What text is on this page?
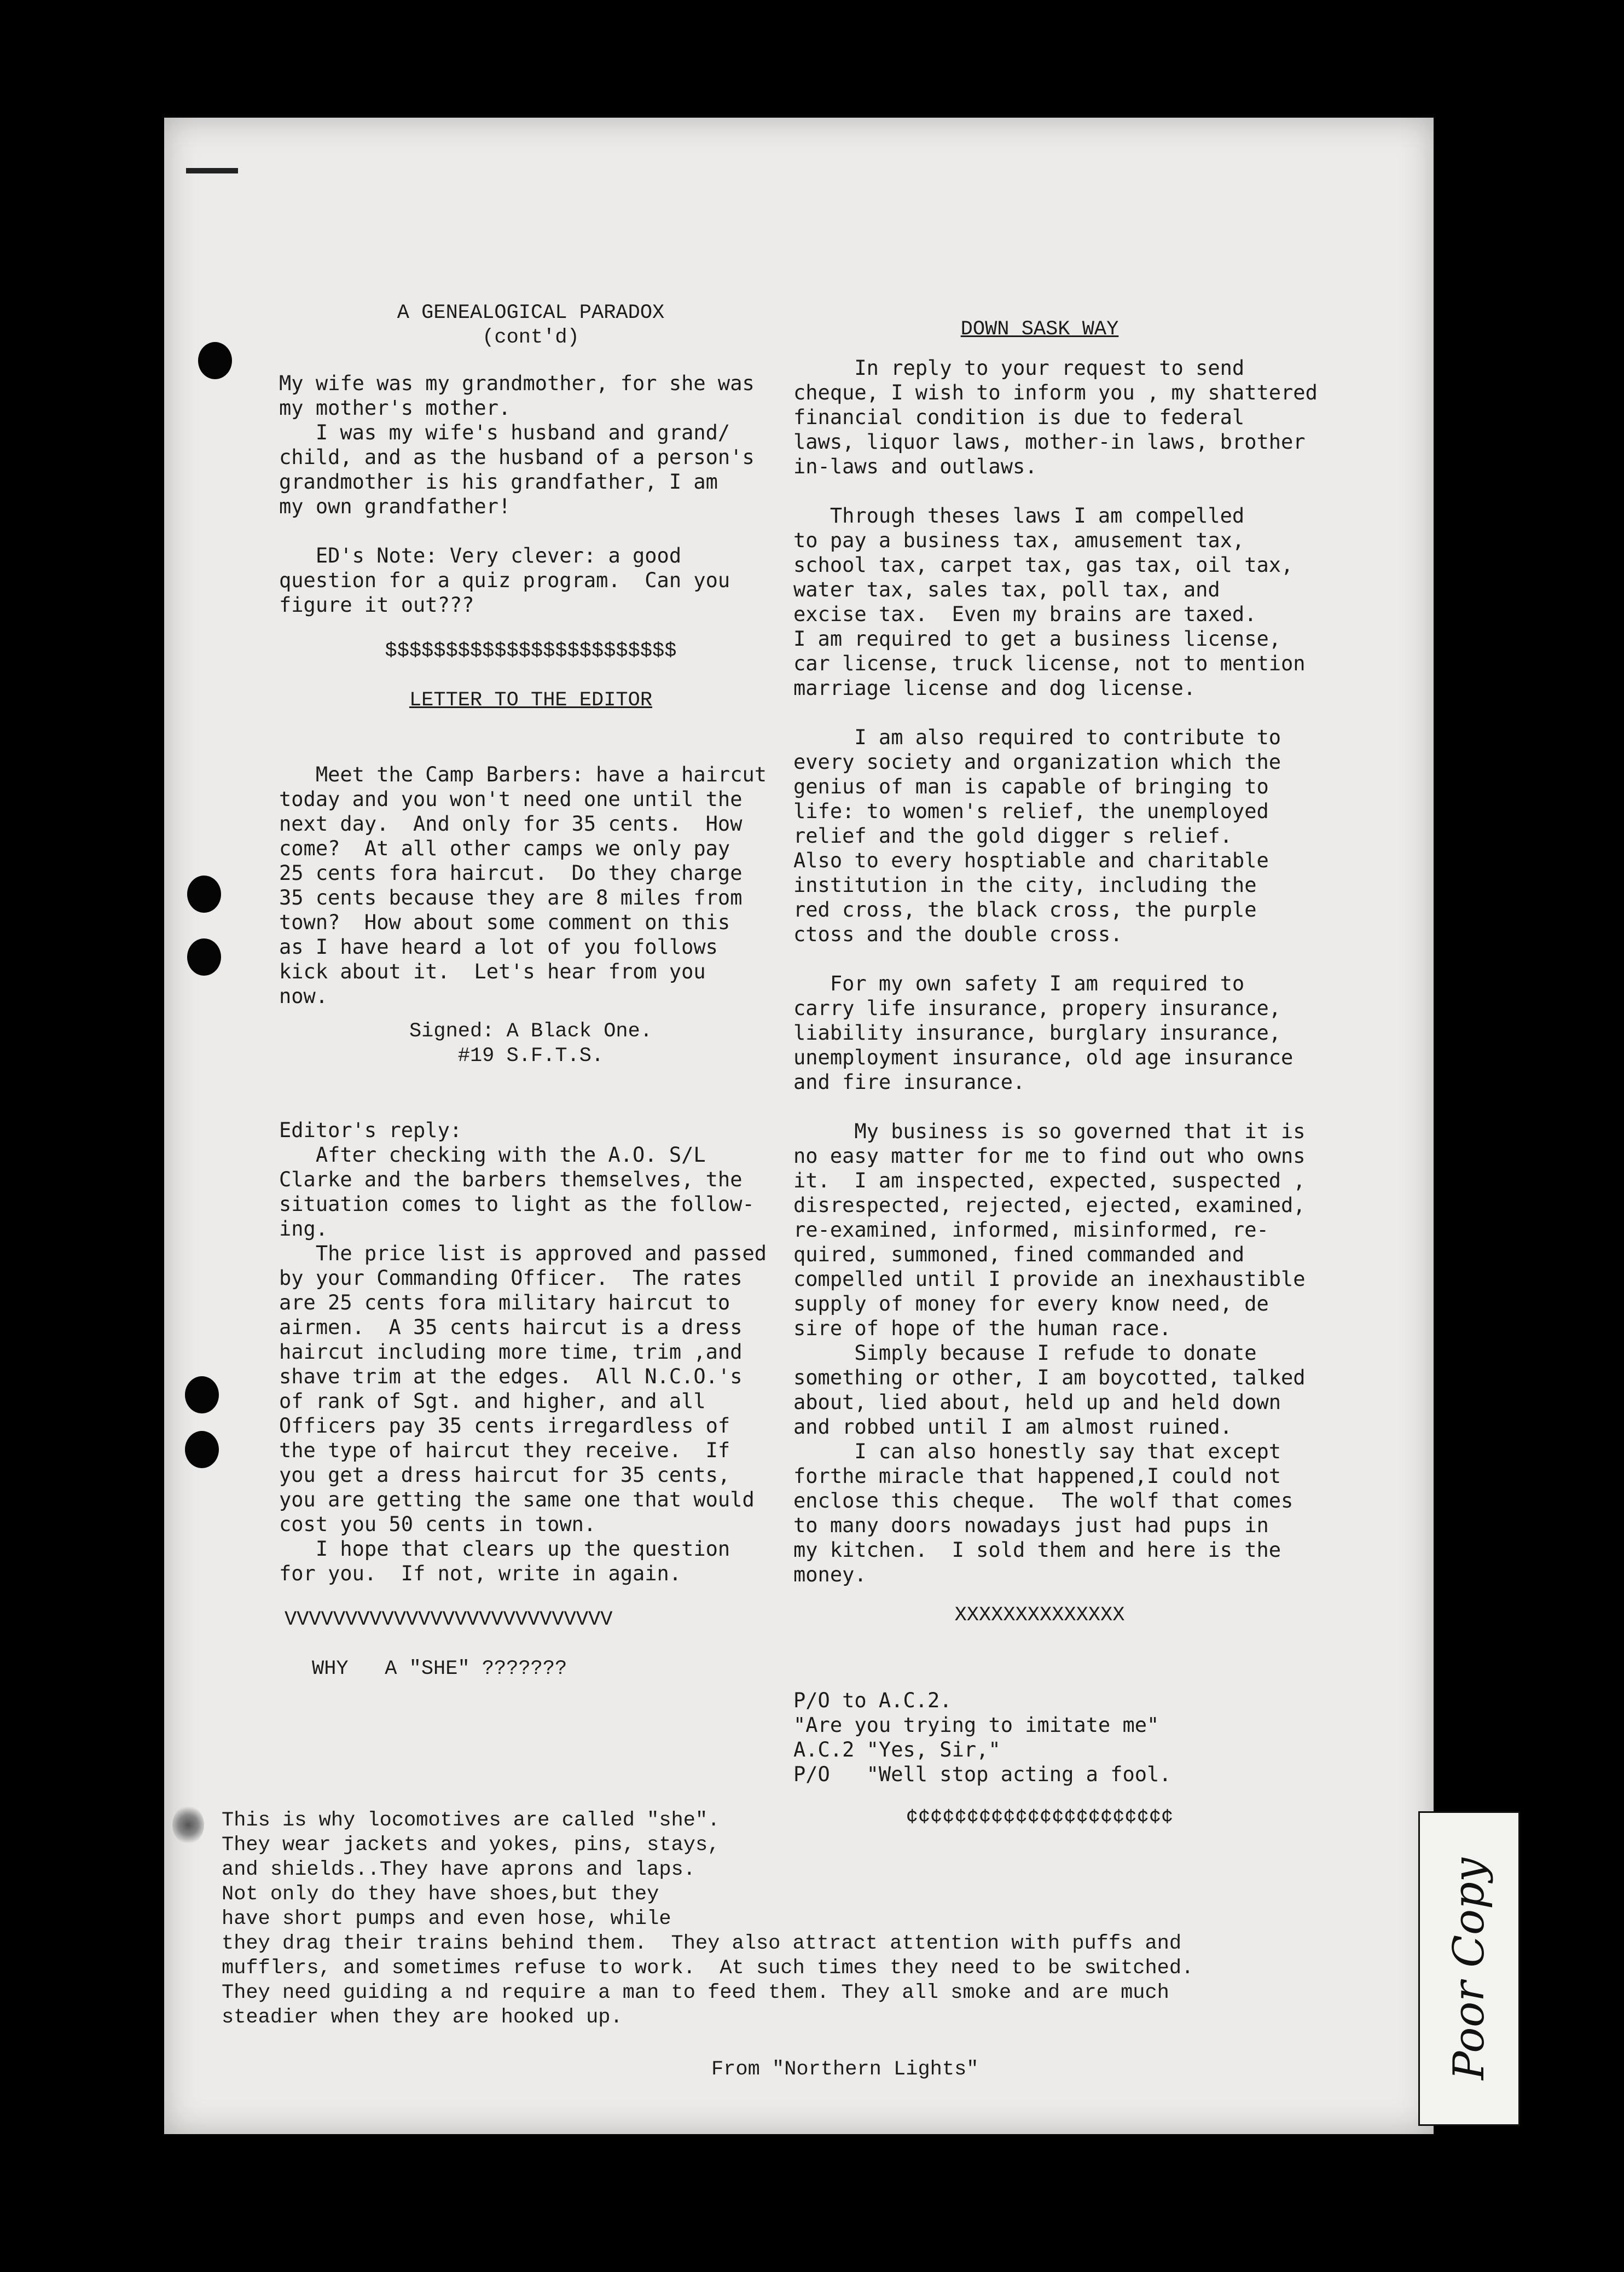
A GENEALOGICAL PARADOX
(cont'd)
My wife was my grandmother, for she was
my mother's mother.
I was my wife's husband and grand/
child, and as the husband of a person's
grandmother is his grandfather, I am
my own grandfather!
ED's Note: Very clever: a good
question for a quiz program.  Can you
figure it out???
$$$$$$$$$$$$$$$$$$$$$$$$
LETTER TO THE EDITOR
Meet the Camp Barbers: have a haircut
today and you won't need one until the
next day.  And only for 35 cents.  How
come?  At all other camps we only pay
25 cents fora haircut.  Do they charge
35 cents because they are 8 miles from
town?  How about some comment on this
as I have heard a lot of you follows
kick about it.  Let's hear from you
now.
Signed: A Black One.
#19 S.F.T.S.
Editor's reply:
After checking with the A.O. S/L
Clarke and the barbers themselves, the
situation comes to light as the follow-
ing.
The price list is approved and passed
by your Commanding Officer.  The rates
are 25 cents fora military haircut to
airmen.  A 35 cents haircut is a dress
haircut including more time, trim ,and
shave trim at the edges.  All N.C.O.'s
of rank of Sgt. and higher, and all
Officers pay 35 cents irregardless of
the type of haircut they receive.  If
you get a dress haircut for 35 cents,
you are getting the same one that would
cost you 50 cents in town.
I hope that clears up the question
for you.  If not, write in again.
VVVVVVVVVVVVVVVVVVVVVVVVVVV
WHY   A "SHE" ???????
DOWN SASK WAY
In reply to your request to send
cheque, I wish to inform you , my shattered
financial condition is due to federal
laws, liquor laws, mother-in laws, brother
in-laws and outlaws.

Through theses laws I am compelled
to pay a business tax, amusement tax,
school tax, carpet tax, gas tax, oil tax,
water tax, sales tax, poll tax, and
excise tax.  Even my brains are taxed.
I am required to get a business license,
car license, truck license, not to mention
marriage license and dog license.

I am also required to contribute to
every society and organization which the
genius of man is capable of bringing to
life: to women's relief, the unemployed
relief and the gold digger s relief.
Also to every hosptiable and charitable
institution in the city, including the
red cross, the black cross, the purple
ctoss and the double cross.

For my own safety I am required to
carry life insurance, propery insurance,
liability insurance, burglary insurance,
unemployment insurance, old age insurance
and fire insurance.

My business is so governed that it is
no easy matter for me to find out who owns
it.  I am inspected, expected, suspected ,
disrespected, rejected, ejected, examined,
re-examined, informed, misinformed, re-
quired, summoned, fined commanded and
compelled until I provide an inexhaustible
supply of money for every know need, de
sire of hope of the human race.
Simply because I refude to donate
something or other, I am boycotted, talked
about, lied about, held up and held down
and robbed until I am almost ruined.
I can also honestly say that except
forthe miracle that happened,I could not
enclose this cheque.  The wolf that comes
to many doors nowadays just had pups in
my kitchen.  I sold them and here is the
money.
XXXXXXXXXXXXXX
P/O to A.C.2.
"Are you trying to imitate me"
A.C.2 "Yes, Sir,"
P/O   "Well stop acting a fool.
¢¢¢¢¢¢¢¢¢¢¢¢¢¢¢¢¢¢¢¢¢¢
This is why locomotives are called "she".
They wear jackets and yokes, pins, stays,
and shields..They have aprons and laps.
Not only do they have shoes,but they
have short pumps and even hose, while
they drag their trains behind them.  They also attract attention with puffs and
mufflers, and sometimes refuse to work.  At such times they need to be switched.
They need guiding a nd require a man to feed them. They all smoke and are much
steadier when they are hooked up.
From "Northern Lights"	Poor Copy
